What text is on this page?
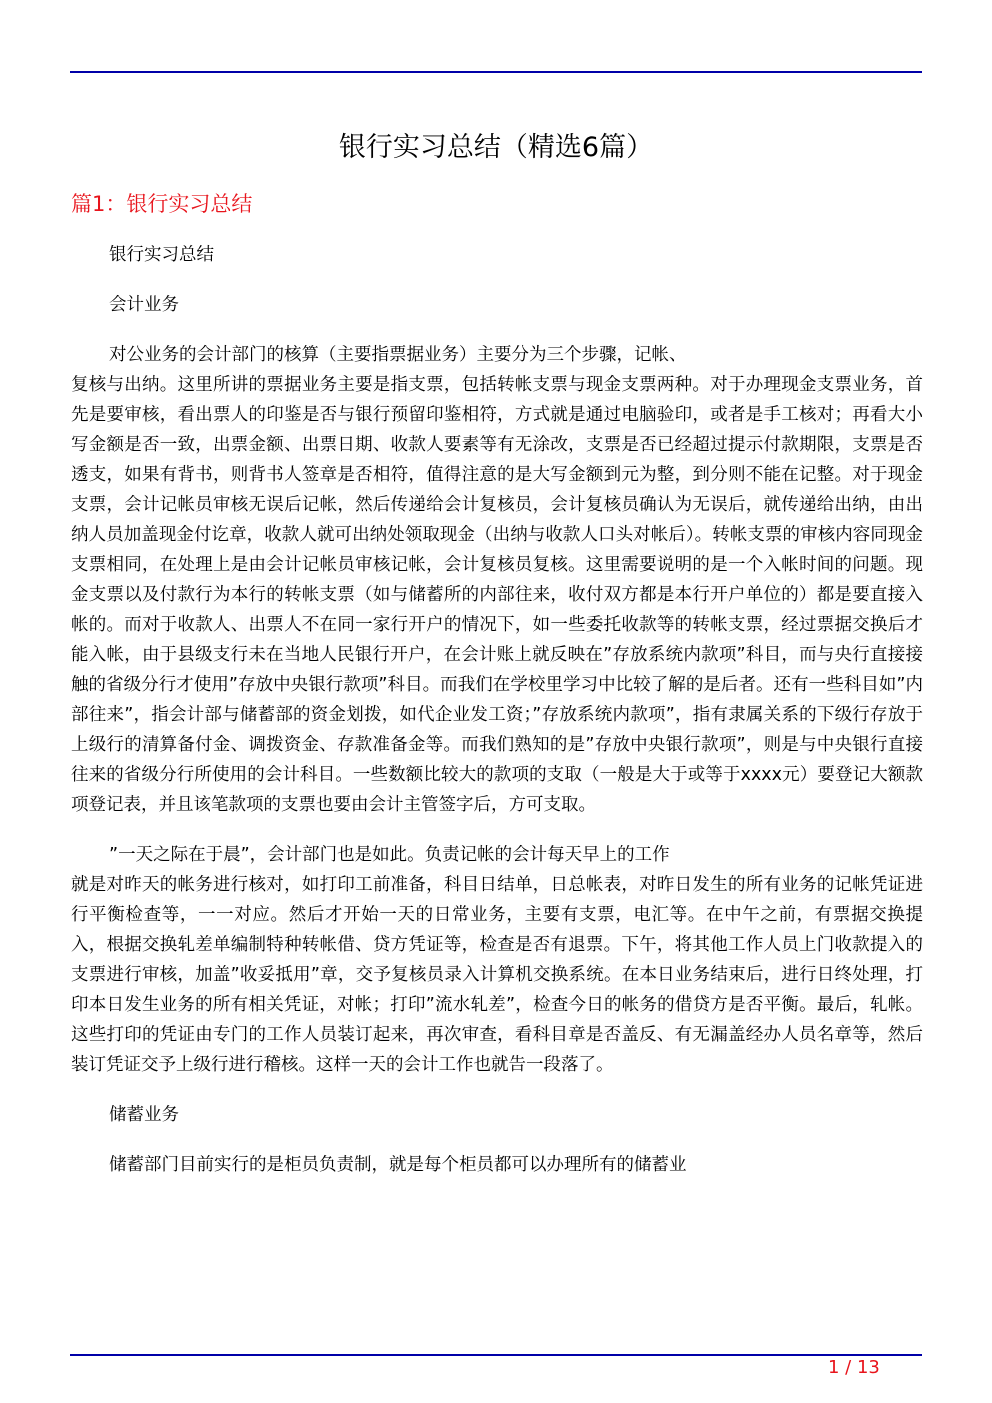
银行实习总结（精选6篇）
篇1：银行实习总结

银行实习总结

会计业务

对公业务的会计部门的核算（主要指票据业务）主要分为三个步骤，记帐、
复核与出纳。这里所讲的票据业务主要是指支票，包括转帐支票与现金支票两种。对于办理现金支票业务，首先是要审核，看出票人的印鉴是否与银行预留印鉴相符，方式就是通过电脑验印，或者是手工核对；再看大小写金额是否一致，出票金额、出票日期、收款人要素等有无涂改，支票是否已经超过提示付款期限，支票是否透支，如果有背书，则背书人签章是否相符，值得注意的是大写金额到元为整，到分则不能在记整。对于现金支票，会计记帐员审核无误后记帐，然后传递给会计复核员，会计复核员确认为无误后，就传递给出纳，由出纳人员加盖现金付讫章，收款人就可出纳处领取现金（出纳与收款人口头对帐后）。转帐支票的审核内容同现金支票相同，在处理上是由会计记帐员审核记帐，会计复核员复核。这里需要说明的是一个入帐时间的问题。现金支票以及付款行为本行的转帐支票（如与储蓄所的内部往来，收付双方都是本行开户单位的）都是要直接入帐的。而对于收款人、出票人不在同一家行开户的情况下，如一些委托收款等的转帐支票，经过票据交换后才能入帐，由于县级支行未在当地人民银行开户，在会计账上就反映在”存放系统内款项”科目，而与央行直接接触的省级分行才使用”存放中央银行款项”科目。而我们在学校里学习中比较了解的是后者。还有一些科目如”内部往来”，指会计部与储蓄部的资金划拨，如代企业发工资；”存放系统内款项”，指有隶属关系的下级行存放于上级行的清算备付金、调拨资金、存款准备金等。而我们熟知的是”存放中央银行款项”，则是与中央银行直接往来的省级分行所使用的会计科目。一些数额比较大的款项的支取（一般是大于或等于xxxx元）要登记大额款项登记表，并且该笔款项的支票也要由会计主管签字后，方可支取。

”一天之际在于晨”，会计部门也是如此。负责记帐的会计每天早上的工作
就是对昨天的帐务进行核对，如打印工前准备，科目日结单，日总帐表，对昨日发生的所有业务的记帐凭证进行平衡检查等，一一对应。然后才开始一天的日常业务，主要有支票，电汇等。在中午之前，有票据交换提入，根据交换轧差单编制特种转帐借、贷方凭证等，检查是否有退票。下午，将其他工作人员上门收款提入的支票进行审核，加盖”收妥抵用”章，交予复核员录入计算机交换系统。在本日业务结束后，进行日终处理，打印本日发生业务的所有相关凭证，对帐；打印”流水轧差”，检查今日的帐务的借贷方是否平衡。最后，轧帐。这些打印的凭证由专门的工作人员装订起来，再次审查，看科目章是否盖反、有无漏盖经办人员名章等，然后装订凭证交予上级行进行稽核。这样一天的会计工作也就告一段落了。

储蓄业务

储蓄部门目前实行的是柜员负责制，就是每个柜员都可以办理所有的储蓄业

1 / 13
